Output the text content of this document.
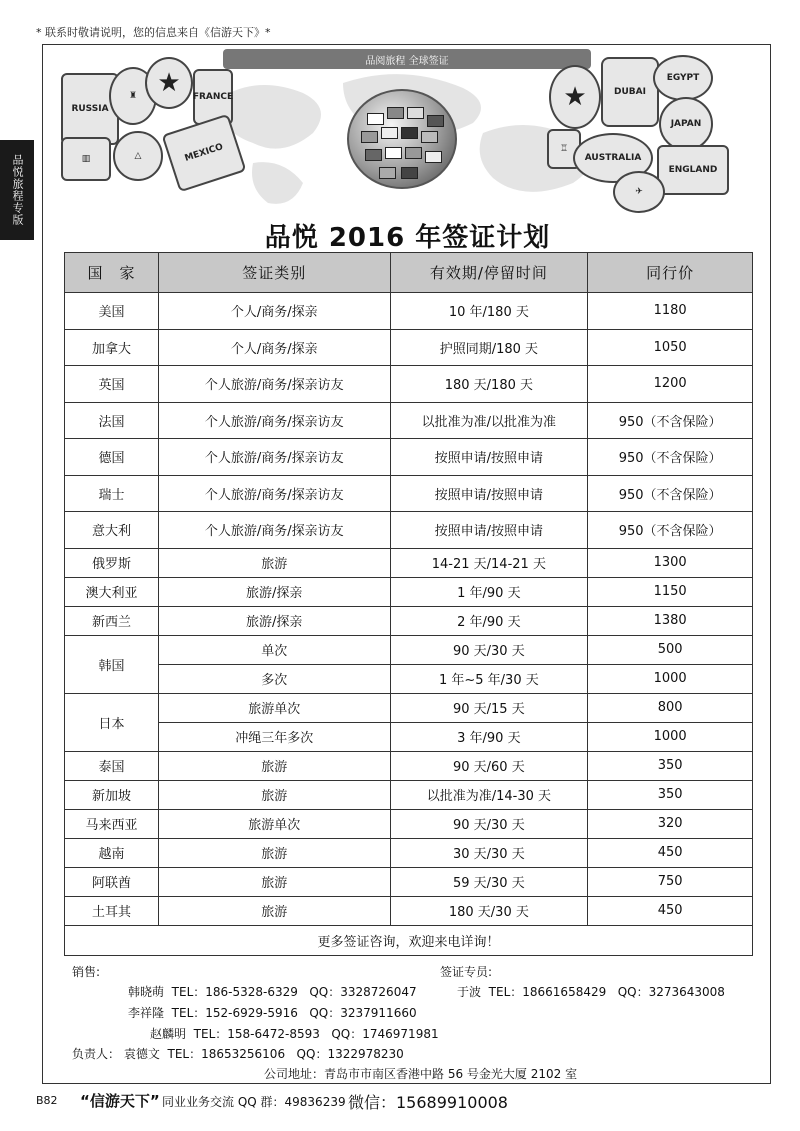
* 联系时敬请说明，您的信息来自《信游天下》*
品悦旅程专版
品阅旅程 全球签证
RUSSIA
♜ ★ FRANCE
△	MEXICO
▥
★	DUBAI
EGYPT
JAPAN
♖
AUSTRALIA
ENGLAND
✈
品悦 2016 年签证计划
国　家	签证类别	有效期/停留时间	同行价
美国	个人/商务/探亲	10 年/180 天	1180
加拿大	个人/商务/探亲	护照同期/180 天	1050
英国	个人旅游/商务/探亲访友	180 天/180 天	1200
法国	个人旅游/商务/探亲访友	以批准为准/以批准为准	950（不含保险）
德国	个人旅游/商务/探亲访友	按照申请/按照申请	950（不含保险）
瑞士	个人旅游/商务/探亲访友	按照申请/按照申请	950（不含保险）
意大利	个人旅游/商务/探亲访友	按照申请/按照申请	950（不含保险）
俄罗斯	旅游	14-21 天/14-21 天	1300
澳大利亚	旅游/探亲	1 年/90 天	1150
新西兰	旅游/探亲	2 年/90 天	1380
韩国	单次	90 天/30 天	500
	多次	1 年~5 年/30 天	1000
日本	旅游单次	90 天/15 天	800
	冲绳三年多次	3 年/90 天	1000
泰国	旅游	90 天/60 天	350
新加坡	旅游	以批准为准/14-30 天	350
马来西亚	旅游单次	90 天/30 天	320
越南	旅游	30 天/30 天	450
阿联酋	旅游	59 天/30 天	750
土耳其	旅游	180 天/30 天	450
更多签证咨询，欢迎来电详询！			
销售:	签证专员:
韩晓萌 TEL：186-5328-6329 QQ：3328726047	于波 TEL：18661658429 QQ：3273643008
李祥隆 TEL：152-6929-5916 QQ：3237911660
赵麟明 TEL：158-6472-8593 QQ：1746971981
负责人： 袁德文 TEL：18653256106 QQ：1322978230
公司地址：青岛市市南区香港中路 56 号金光大厦 2102 室
B82 “信游天下” 同业业务交流 QQ 群：49836239 微信：15689910008
